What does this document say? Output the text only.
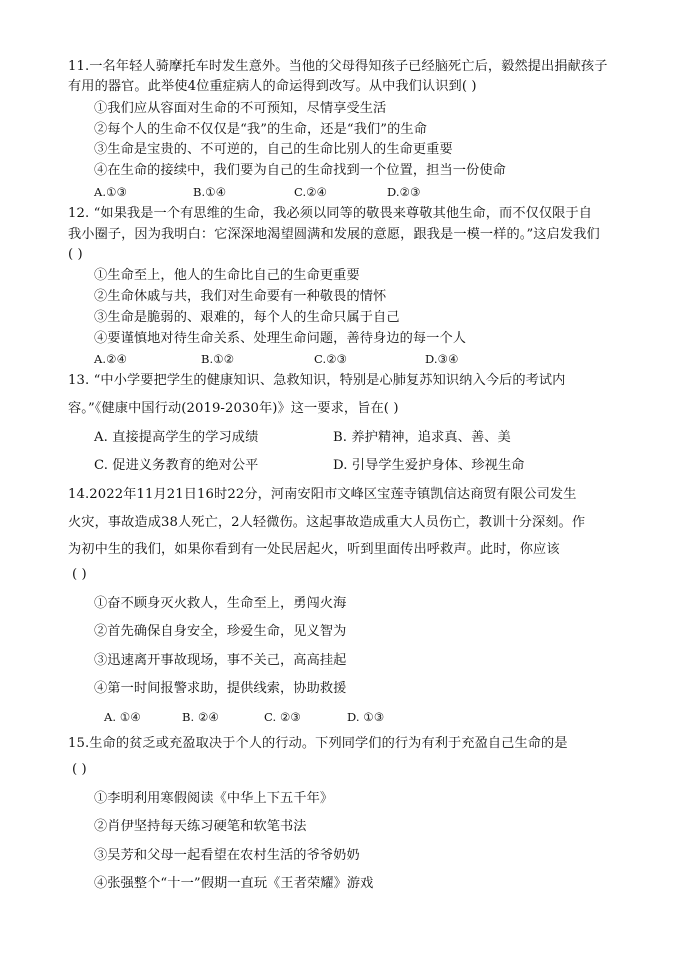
11.一名年轻人骑摩托车时发生意外。当他的父母得知孩子已经脑死亡后，毅然提出捐献孩子
有用的器官。此举使4位重症病人的命运得到改写。从中我们认识到( )
①我们应从容面对生命的不可预知，尽情享受生活
②每个人的生命不仅仅是“我”的生命，还是“我们”的生命
③生命是宝贵的、不可逆的，自己的生命比别人的生命更重要
④在生命的接续中，我们要为自己的生命找到一个位置，担当一份使命
A.①③	B.①④	C.②④	D.②③
12. “如果我是一个有思维的生命，我必须以同等的敬畏来尊敬其他生命，而不仅仅限于自
我小圈子，因为我明白：它深深地渴望圆满和发展的意愿，跟我是一模一样的。”这启发我们
( )
①生命至上，他人的生命比自己的生命更重要
②生命休戚与共，我们对生命要有一种敬畏的情怀
③生命是脆弱的、艰难的，每个人的生命只属于自己
④要谨慎地对待生命关系、处理生命问题，善待身边的每一个人
A.②④	B.①②	C.②③	D.③④
13. “中小学要把学生的健康知识、急救知识，特别是心肺复苏知识纳入今后的考试内
容。”《健康中国行动(2019-2030年)》这一要求，旨在( )
A. 直接提高学生的学习成绩	B. 养护精神，追求真、善、美
C. 促进义务教育的绝对公平	D. 引导学生爱护身体、珍视生命
14.2022年11月21日16时22分，河南安阳市文峰区宝莲寺镇凯信达商贸有限公司发生
火灾，事故造成38人死亡，2人轻微伤。这起事故造成重大人员伤亡，教训十分深刻。作
为初中生的我们，如果你看到有一处民居起火，听到里面传出呼救声。此时，你应该
( )
①奋不顾身灭火救人，生命至上，勇闯火海
②首先确保自身安全，珍爱生命，见义智为
③迅速离开事故现场，事不关己，高高挂起
④第一时间报警求助，提供线索，协助救援
A. ①④	B. ②④	C. ②③	D. ①③
15.生命的贫乏或充盈取决于个人的行动。下列同学们的行为有利于充盈自己生命的是
( )
①李明利用寒假阅读《中华上下五千年》
②肖伊坚持每天练习硬笔和软笔书法
③吴芳和父母一起看望在农村生活的爷爷奶奶
④张强整个“十一”假期一直玩《王者荣耀》游戏
